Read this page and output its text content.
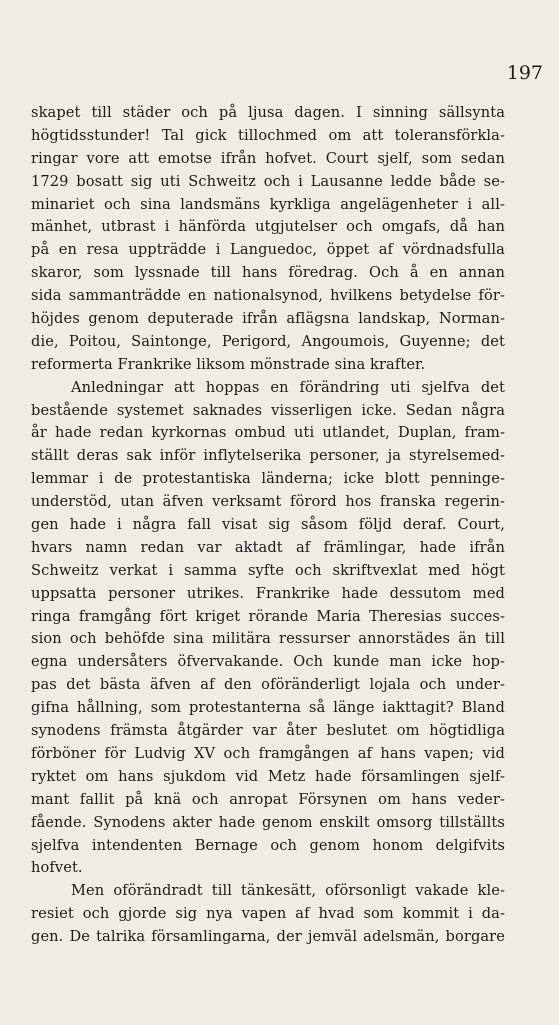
197
skapet till städer och på ljusa dagen. I sinning sällsynta
högtidsstunder! Tal gick tillochmed om att toleransförkla-
ringar vore att emotse ifrån hofvet. Court sjelf, som sedan
1729 bosatt sig uti Schweitz och i Lausanne ledde både se-
minariet och sina landsmäns kyrkliga angelägenheter i all-
mänhet, utbrast i hänförda utgjutelser och omgafs, då han
på en resa uppträdde i Languedoc, öppet af vördnadsfulla
skaror, som lyssnade till hans föredrag. Och å en annan
sida sammanträdde en nationalsynod, hvilkens betydelse för-
höjdes genom deputerade ifrån aflägsna landskap, Norman-
die, Poitou, Saintonge, Perigord, Angoumois, Guyenne; det
reformerta Frankrike liksom mönstrade sina krafter.
Anledningar att hoppas en förändring uti sjelfva det
bestående systemet saknades visserligen icke. Sedan några
år hade redan kyrkornas ombud uti utlandet, Duplan, fram-
ställt deras sak inför inflytelserika personer, ja styrelsemed-
lemmar i de protestantiska länderna; icke blott penninge-
understöd, utan äfven verksamt förord hos franska regerin-
gen hade i några fall visat sig såsom följd deraf. Court,
hvars namn redan var aktadt af främlingar, hade ifrån
Schweitz verkat i samma syfte och skriftvexlat med högt
uppsatta personer utrikes. Frankrike hade dessutom med
ringa framgång fört kriget rörande Maria Theresias succes-
sion och behöfde sina militära ressurser annorstädes än till
egna undersåters öfvervakande. Och kunde man icke hop-
pas det bästa äfven af den oföränderligt lojala och under-
gifna hållning, som protestanterna så länge iakttagit? Bland
synodens främsta åtgärder var åter beslutet om högtidliga
förböner för Ludvig XV och framgången af hans vapen; vid
ryktet om hans sjukdom vid Metz hade församlingen sjelf-
mant fallit på knä och anropat Försynen om hans veder-
fående. Synodens akter hade genom enskilt omsorg tillställts
sjelfva intendenten Bernage och genom honom delgifvits
hofvet.
Men oförändradt till tänkesätt, oförsonligt vakade kle-
resiet och gjorde sig nya vapen af hvad som kommit i da-
gen. De talrika församlingarna, der jemväl adelsmän, borgare
